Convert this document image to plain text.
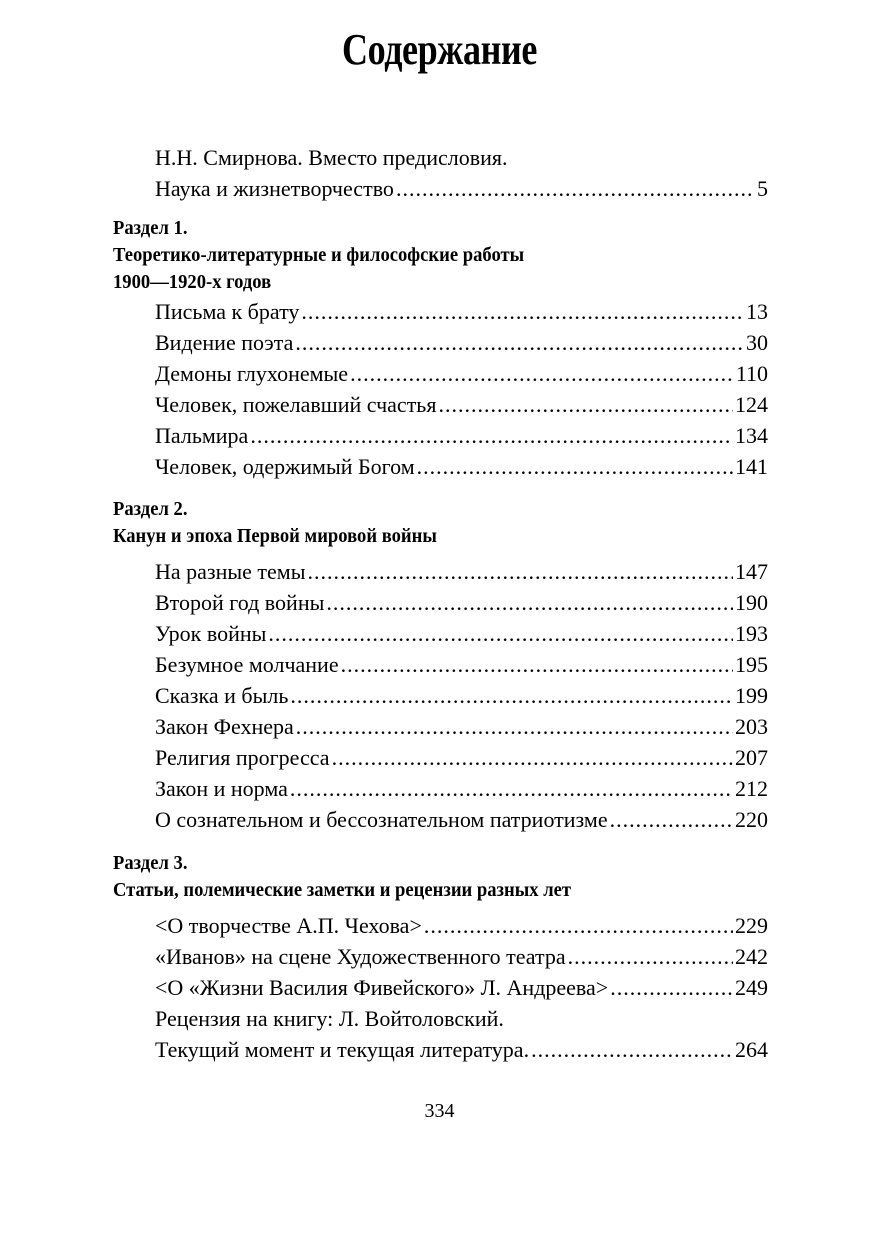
Содержание
Н.Н. Смирнова. Вместо предисловия.
Наука и жизнетворчество .....	5
Раздел 1.
Теоретико-литературные и философские работы
1900—1920-х годов
Письма к брату .....	13
Видение поэта .....	30
Демоны глухонемые .....	110
Человек, пожелавший счастья .....	124
Пальмира .....	134
Человек, одержимый Богом .....	141
Раздел 2.
Канун и эпоха Первой мировой войны
На разные темы .....	147
Второй год войны .....	190
Урок войны .....	193
Безумное молчание .....	195
Сказка и быль .....	199
Закон Фехнера .....	203
Религия прогресса .....	207
Закон и норма .....	212
О сознательном и бессознательном патриотизме .....	220
Раздел 3.
Статьи, полемические заметки и рецензии разных лет
<О творчестве А.П. Чехова> .....	229
«Иванов» на сцене Художественного театра .....	242
<О «Жизни Василия Фивейского» Л. Андреева> .....	249
Рецензия на книгу: Л. Войтоловский.
Текущий момент и текущая литература. .....	264
334
